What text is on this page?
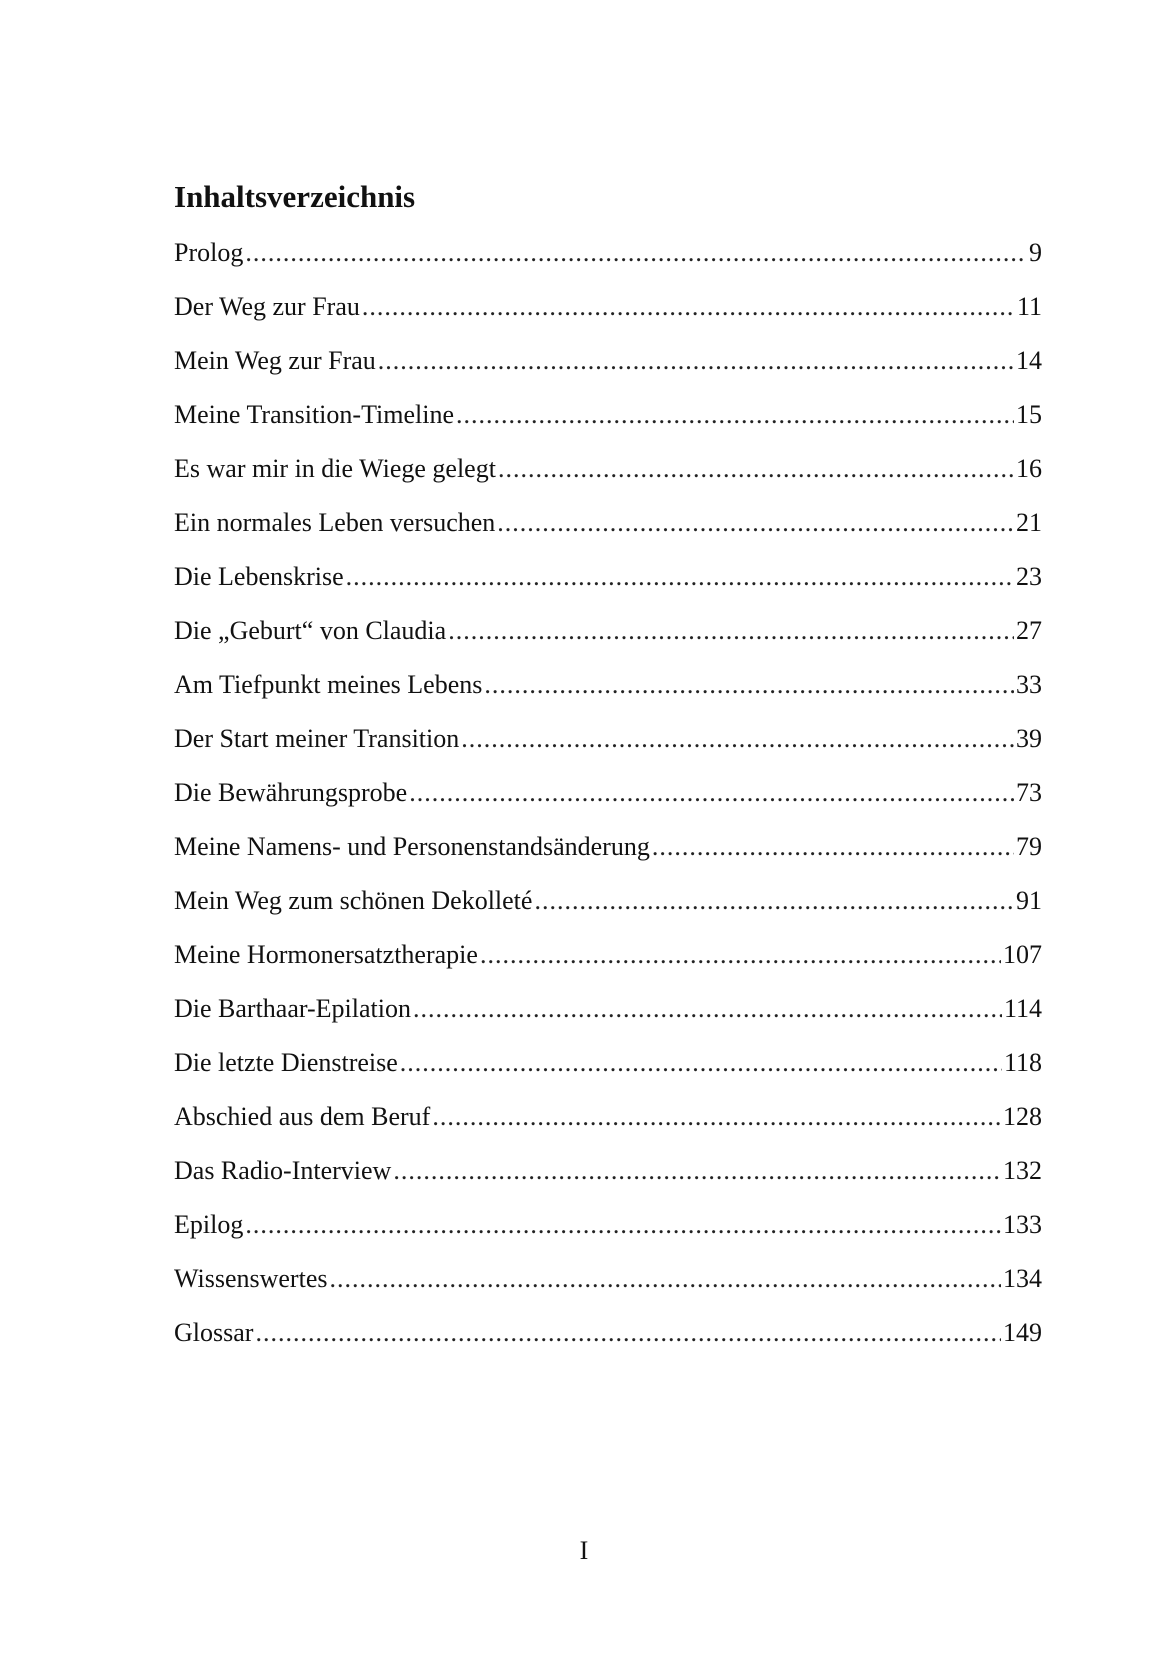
Inhaltsverzeichnis
Prolog .....	9
Der Weg zur Frau .....	11
Mein Weg zur Frau .....	14
Meine Transition-Timeline .....	15
Es war mir in die Wiege gelegt .....	16
Ein normales Leben versuchen .....	21
Die Lebenskrise .....	23
Die „Geburt“ von Claudia .....	27
Am Tiefpunkt meines Lebens .....	33
Der Start meiner Transition .....	39
Die Bewährungsprobe .....	73
Meine Namens- und Personenstandsänderung .....	79
Mein Weg zum schönen Dekolleté .....	91
Meine Hormonersatztherapie .....	107
Die Barthaar-Epilation .....	114
Die letzte Dienstreise .....	118
Abschied aus dem Beruf .....	128
Das Radio-Interview .....	132
Epilog .....	133
Wissenswertes .....	134
Glossar .....	149

I
